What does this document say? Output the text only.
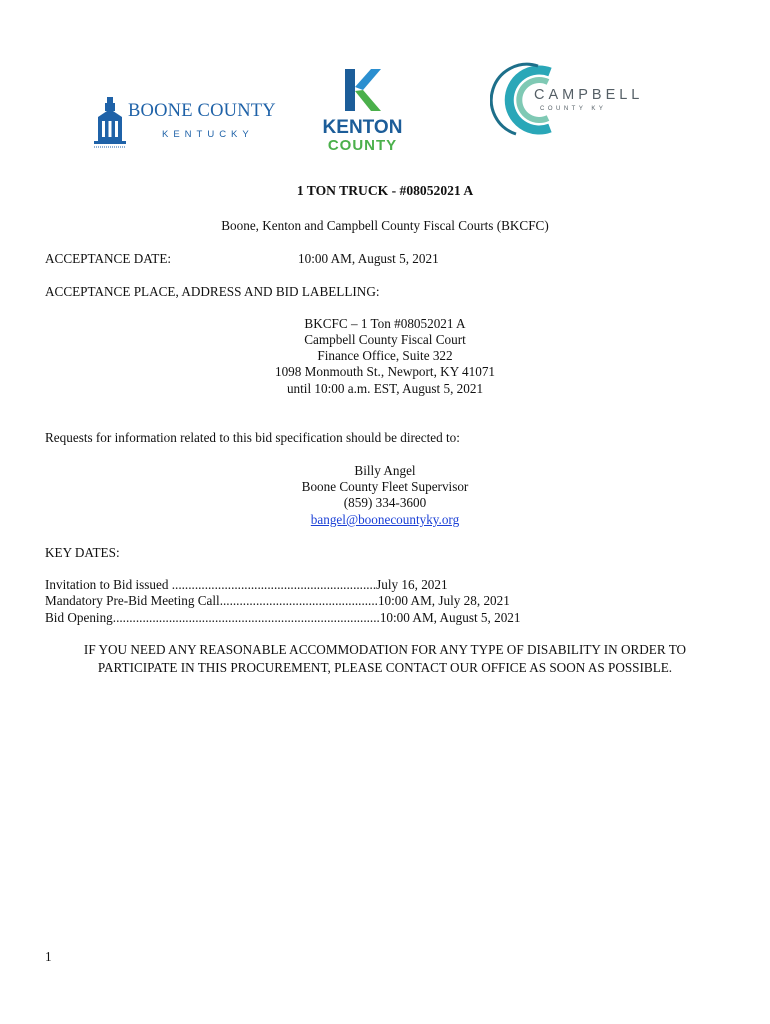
BOONE COUNTY
KENTUCKY	KENTON
COUNTY
CAMPBELL
COUNTY KY
1 TON TRUCK - #08052021 A
Boone, Kenton and Campbell County Fiscal Courts (BKCFC)
ACCEPTANCE DATE:	10:00 AM, August 5, 2021
ACCEPTANCE PLACE, ADDRESS AND BID LABELLING:
BKCFC – 1 Ton #08052021 A
Campbell County Fiscal Court
Finance Office, Suite 322
1098 Monmouth St., Newport, KY 41071
until 10:00 a.m. EST, August 5, 2021
Requests for information related to this bid specification should be directed to:
Billy Angel
Boone County Fleet Supervisor
(859) 334-3600
bangel@boonecountyky.org
KEY DATES:
Invitation to Bid issued ..............................................................July 16, 2021
Mandatory Pre-Bid Meeting Call................................................10:00 AM, July 28, 2021
Bid Opening.................................................................................10:00 AM, August 5, 2021
IF YOU NEED ANY REASONABLE ACCOMMODATION FOR ANY TYPE OF DISABILITY IN ORDER TO
PARTICIPATE IN THIS PROCUREMENT, PLEASE CONTACT OUR OFFICE AS SOON AS POSSIBLE.
1
